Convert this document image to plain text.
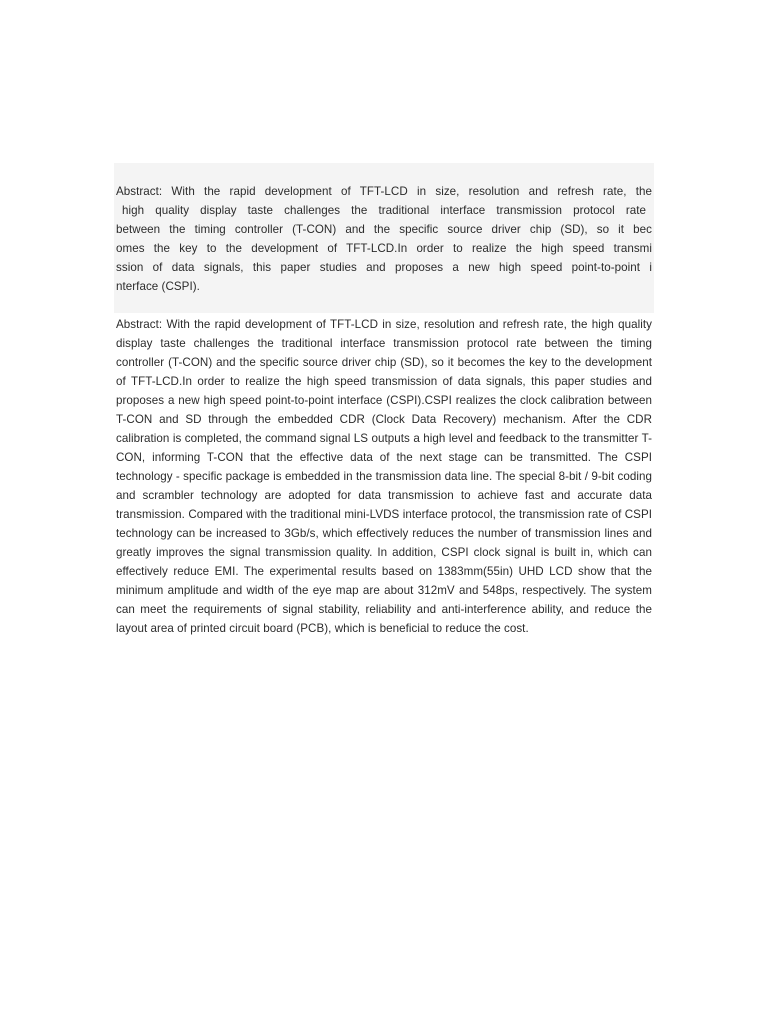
Abstract: With the rapid development of TFT-LCD in size, resolution and refresh rate, the
high quality display taste challenges the traditional interface transmission protocol rate
between the timing controller (T-CON) and the specific source driver chip (SD), so it bec
omes the key to the development of TFT-LCD.In order to realize the high speed transmi
ssion of data signals, this paper studies and proposes a new high speed point-to-point i
nterface (CSPI).

Abstract: With the rapid development of TFT-LCD in size, resolution and refresh rate, the high quality display taste challenges the traditional interface transmission protocol rate between the timing controller (T-CON) and the specific source driver chip (SD), so it becomes the key to the development of TFT-LCD.In order to realize the high speed transmission of data signals, this paper studies and proposes a new high speed point-to-point interface (CSPI).CSPI realizes the clock calibration between T-CON and SD through the embedded CDR (Clock Data Recovery) mechanism. After the CDR calibration is completed, the command signal LS outputs a high level and feedback to the transmitter T-CON, informing T-CON that the effective data of the next stage can be transmitted. The CSPI technology - specific package is embedded in the transmission data line. The special 8-bit / 9-bit coding and scrambler technology are adopted for data transmission to achieve fast and accurate data transmission. Compared with the traditional mini-LVDS interface protocol, the transmission rate of CSPI technology can be increased to 3Gb/s, which effectively reduces the number of transmission lines and greatly improves the signal transmission quality. In addition, CSPI clock signal is built in, which can effectively reduce EMI. The experimental results based on 1383mm(55in) UHD LCD show that the minimum amplitude and width of the eye map are about 312mV and 548ps, respectively. The system can meet the requirements of signal stability, reliability and anti-interference ability, and reduce the layout area of printed circuit board (PCB), which is beneficial to reduce the cost.
